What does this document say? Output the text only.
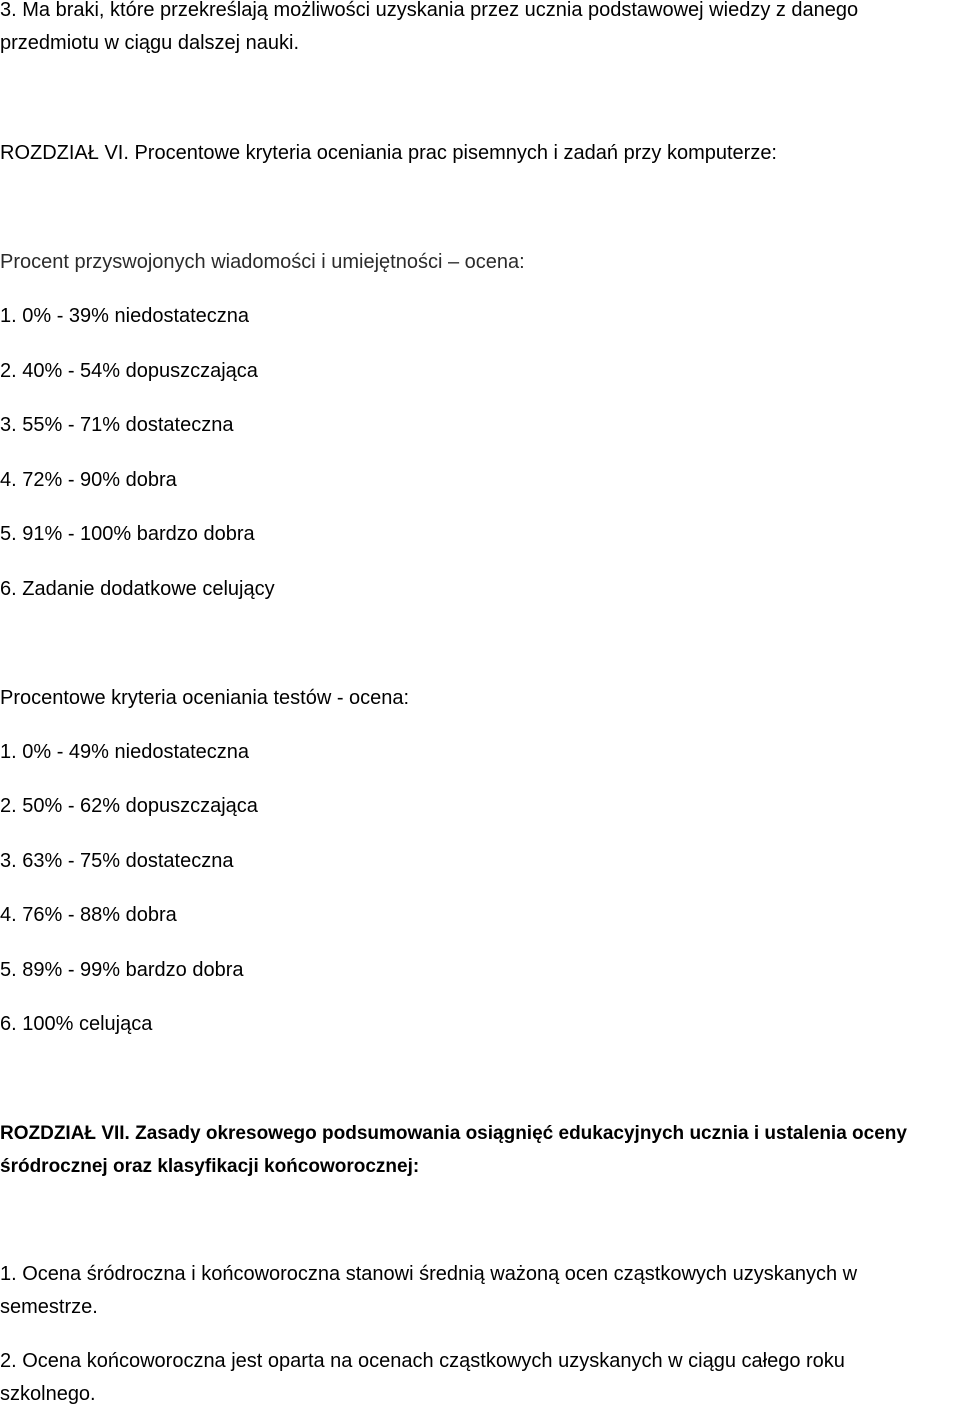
3. Ma braki, które przekreślają możliwości uzyskania przez ucznia podstawowej wiedzy z danego
przedmiotu w ciągu dalszej nauki.
ROZDZIAŁ VI. Procentowe kryteria oceniania prac pisemnych i zadań przy komputerze:
Procent przyswojonych wiadomości i umiejętności – ocena:
1. 0% - 39% niedostateczna
2. 40% - 54% dopuszczająca
3. 55% - 71% dostateczna
4. 72% - 90% dobra
5. 91% - 100% bardzo dobra
6. Zadanie dodatkowe celujący
Procentowe kryteria oceniania testów - ocena:
1. 0% - 49% niedostateczna
2. 50% - 62% dopuszczająca
3. 63% - 75% dostateczna
4. 76% - 88% dobra
5. 89% - 99% bardzo dobra
6. 100% celująca
ROZDZIAŁ VII. Zasady okresowego podsumowania osiągnięć edukacyjnych ucznia i ustalenia oceny
śródrocznej oraz klasyfikacji końcoworocznej:
1. Ocena śródroczna i końcoworoczna stanowi średnią ważoną ocen cząstkowych uzyskanych w
semestrze.
2. Ocena końcoworoczna jest oparta na ocenach cząstkowych uzyskanych w ciągu całego roku
szkolnego.
